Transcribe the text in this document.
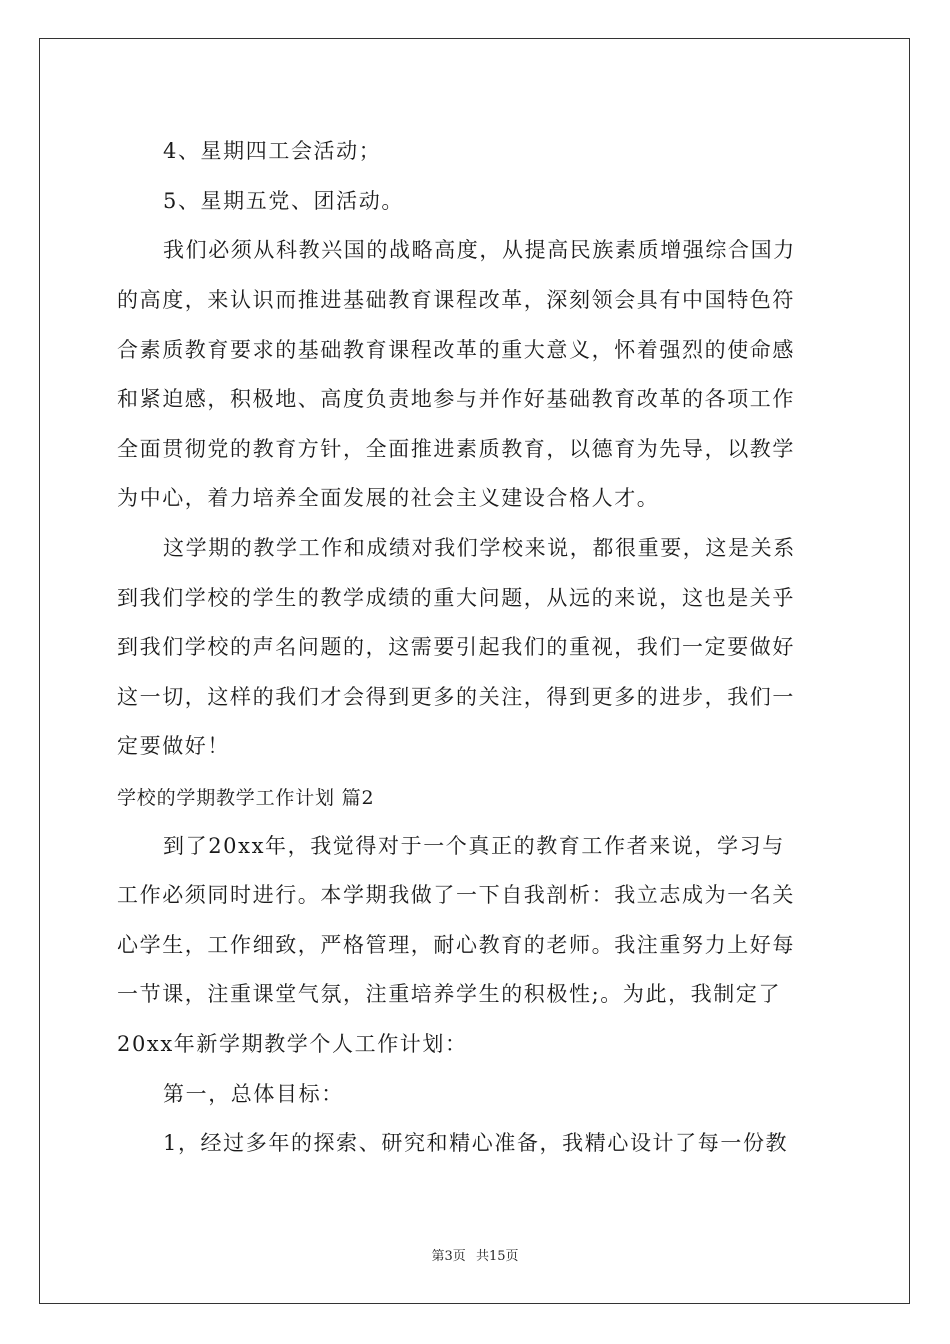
4、星期四工会活动；
5、星期五党、团活动。
我们必须从科教兴国的战略高度，从提高民族素质增强综合国力
的高度，来认识而推进基础教育课程改革，深刻领会具有中国特色符
合素质教育要求的基础教育课程改革的重大意义，怀着强烈的使命感
和紧迫感，积极地、高度负责地参与并作好基础教育改革的各项工作
全面贯彻党的教育方针，全面推进素质教育，以德育为先导，以教学
为中心，着力培养全面发展的社会主义建设合格人才。
这学期的教学工作和成绩对我们学校来说，都很重要，这是关系
到我们学校的学生的教学成绩的重大问题，从远的来说，这也是关乎
到我们学校的声名问题的，这需要引起我们的重视，我们一定要做好
这一切，这样的我们才会得到更多的关注，得到更多的进步，我们一
定要做好！
学校的学期教学工作计划 篇2
到了20xx年，我觉得对于一个真正的教育工作者来说，学习与
工作必须同时进行。本学期我做了一下自我剖析：我立志成为一名关
心学生，工作细致，严格管理，耐心教育的老师。我注重努力上好每
一节课，注重课堂气氛，注重培养学生的积极性;。为此，我制定了
20xx年新学期教学个人工作计划：
第一，总体目标：
1，经过多年的探索、研究和精心准备，我精心设计了每一份教
第3页 共15页
